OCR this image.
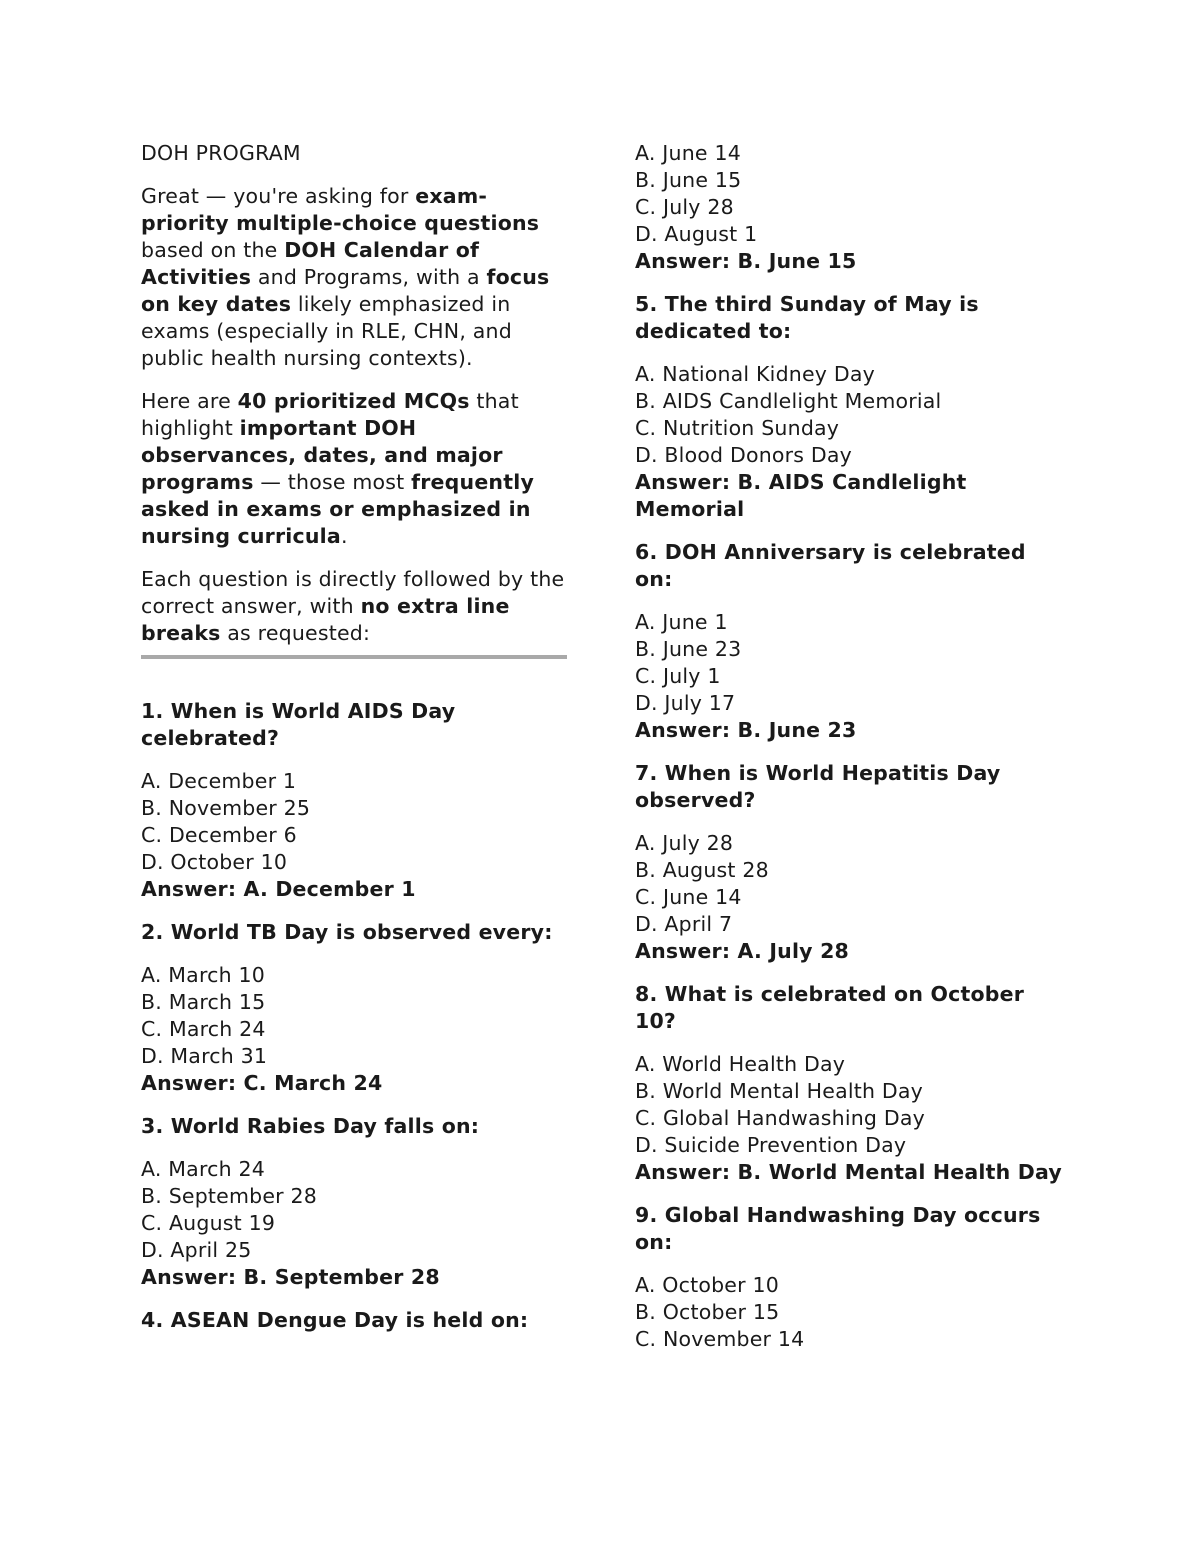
DOH PROGRAM
Great — you're asking for exam-priority multiple-choice questions based on the DOH Calendar of Activities and Programs, with a focus on key dates likely emphasized in exams (especially in RLE, CHN, and public health nursing contexts).
Here are 40 prioritized MCQs that highlight important DOH observances, dates, and major programs — those most frequently asked in exams or emphasized in nursing curricula.
Each question is directly followed by the correct answer, with no extra line breaks as requested:
1. When is World AIDS Day celebrated?
A. December 1
B. November 25
C. December 6
D. October 10
Answer: A. December 1
2. World TB Day is observed every:
A. March 10
B. March 15
C. March 24
D. March 31
Answer: C. March 24
3. World Rabies Day falls on:
A. March 24
B. September 28
C. August 19
D. April 25
Answer: B. September 28
4. ASEAN Dengue Day is held on:
A. June 14
B. June 15
C. July 28
D. August 1
Answer: B. June 15
5. The third Sunday of May is dedicated to:
A. National Kidney Day
B. AIDS Candlelight Memorial
C. Nutrition Sunday
D. Blood Donors Day
Answer: B. AIDS Candlelight Memorial
6. DOH Anniversary is celebrated on:
A. June 1
B. June 23
C. July 1
D. July 17
Answer: B. June 23
7. When is World Hepatitis Day observed?
A. July 28
B. August 28
C. June 14
D. April 7
Answer: A. July 28
8. What is celebrated on October 10?
A. World Health Day
B. World Mental Health Day
C. Global Handwashing Day
D. Suicide Prevention Day
Answer: B. World Mental Health Day
9. Global Handwashing Day occurs on:
A. October 10
B. October 15
C. November 14
